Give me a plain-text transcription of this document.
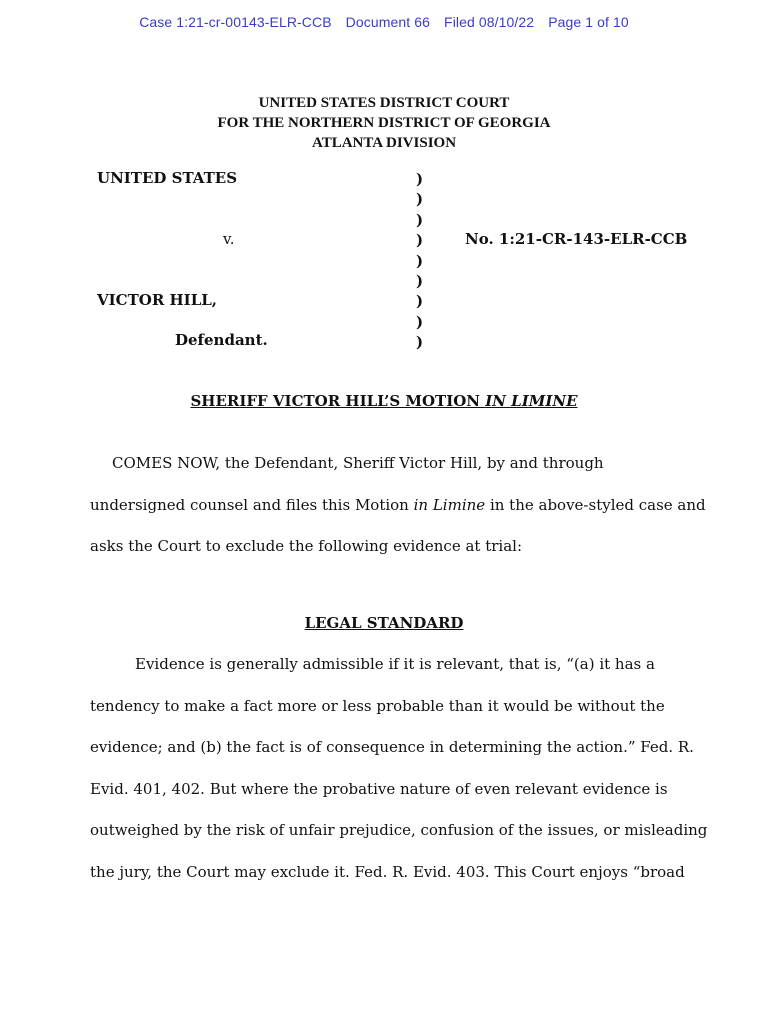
Case 1:21-cr-00143-ELR-CCB Document 66 Filed 08/10/22 Page 1 of 10
UNITED STATES DISTRICT COURT
FOR THE NORTHERN DISTRICT OF GEORGIA
ATLANTA DIVISION
UNITED STATES
v.
VICTOR HILL,
Defendant.
)
)
)
)
)
)
)
)
)
No. 1:21-CR-143-ELR-CCB
SHERIFF VICTOR HILL’S MOTION IN LIMINE
COMES NOW, the Defendant, Sheriff Victor Hill, by and through
undersigned counsel and files this Motion in Limine in the above-styled case and
asks the Court to exclude the following evidence at trial:
LEGAL STANDARD
Evidence is generally admissible if it is relevant, that is, “(a) it has a
tendency to make a fact more or less probable than it would be without the
evidence; and (b) the fact is of consequence in determining the action.” Fed. R.
Evid. 401, 402. But where the probative nature of even relevant evidence is
outweighed by the risk of unfair prejudice, confusion of the issues, or misleading
the jury, the Court may exclude it. Fed. R. Evid. 403. This Court enjoys “broad
